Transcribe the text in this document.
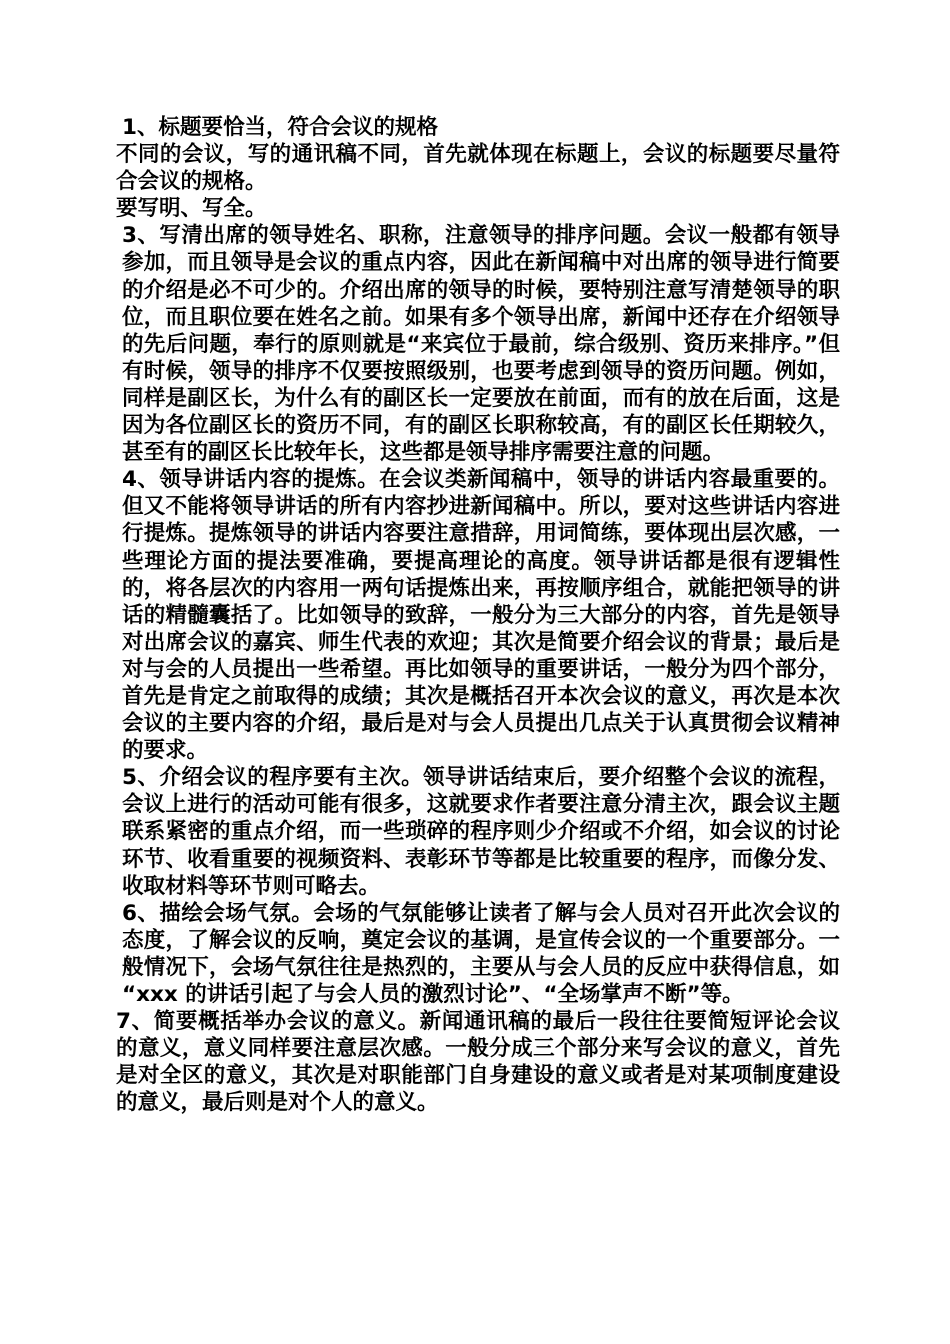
1、标题要恰当，符合会议的规格

不同的会议，写的通讯稿不同，首先就体现在标题上，会议的标题要尽量符合会议的规格。

要写明、写全。

3、写清出席的领导姓名、职称，注意领导的排序问题。会议一般都有领导参加，而且领导是会议的重点内容，因此在新闻稿中对出席的领导进行简要的介绍是必不可少的。介绍出席的领导的时候，要特别注意写清楚领导的职位，而且职位要在姓名之前。如果有多个领导出席，新闻中还存在介绍领导的先后问题，奉行的原则就是“来宾位于最前，综合级别、资历来排序。”但有时候，领导的排序不仅要按照级别，也要考虑到领导的资历问题。例如，同样是副区长，为什么有的副区长一定要放在前面，而有的放在后面，这是因为各位副区长的资历不同，有的副区长职称较高，有的副区长任期较久，甚至有的副区长比较年长，这些都是领导排序需要注意的问题。

4、领导讲话内容的提炼。在会议类新闻稿中，领导的讲话内容最重要的。但又不能将领导讲话的所有内容抄进新闻稿中。所以，要对这些讲话内容进行提炼。提炼领导的讲话内容要注意措辞，用词简练，要体现出层次感，一些理论方面的提法要准确，要提高理论的高度。领导讲话都是很有逻辑性的，将各层次的内容用一两句话提炼出来，再按顺序组合，就能把领导的讲话的精髓囊括了。比如领导的致辞，一般分为三大部分的内容，首先是领导对出席会议的嘉宾、师生代表的欢迎；其次是简要介绍会议的背景；最后是对与会的人员提出一些希望。再比如领导的重要讲话，一般分为四个部分，首先是肯定之前取得的成绩；其次是概括召开本次会议的意义，再次是本次会议的主要内容的介绍，最后是对与会人员提出几点关于认真贯彻会议精神的要求。

5、介绍会议的程序要有主次。领导讲话结束后，要介绍整个会议的流程，会议上进行的活动可能有很多，这就要求作者要注意分清主次，跟会议主题联系紧密的重点介绍，而一些琐碎的程序则少介绍或不介绍，如会议的讨论环节、收看重要的视频资料、表彰环节等都是比较重要的程序，而像分发、收取材料等环节则可略去。

6、描绘会场气氛。会场的气氛能够让读者了解与会人员对召开此次会议的态度，了解会议的反响，奠定会议的基调，是宣传会议的一个重要部分。一般情况下，会场气氛往往是热烈的，主要从与会人员的反应中获得信息，如 “xxx 的讲话引起了与会人员的激烈讨论”、“全场掌声不断”等。

7、简要概括举办会议的意义。新闻通讯稿的最后一段往往要简短评论会议的意义，意义同样要注意层次感。一般分成三个部分来写会议的意义，首先是对全区的意义，其次是对职能部门自身建设的意义或者是对某项制度建设的意义，最后则是对个人的意义。
